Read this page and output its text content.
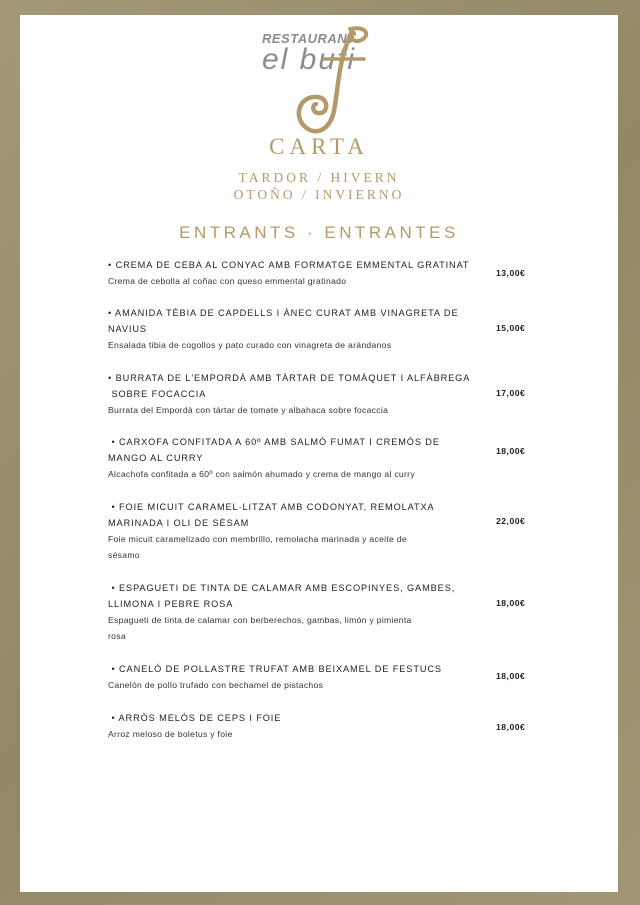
RESTAURANT
el bufi
CARTA
TARDOR / HIVERN
OTOÑO / INVIERNO
ENTRANTS · ENTRANTES
• CREMA DE CEBA AL CONYAC AMB FORMATGE EMMENTAL GRATINAT
Crema de cebolla al coñac con queso emmental gratinado
13,00€
• AMANIDA TÈBIA DE CAPDELLS I ÀNEC CURAT AMB VINAGRETA DE
NAVIUS
Ensalada tibia de cogollos y pato curado con vinagreta de arándanos
15,00€
• BURRATA DE L'EMPORDÀ AMB TÀRTAR DE TOMÀQUET I ALFÀBREGA
SOBRE FOCACCIA
Burrata del Empordà con tártar de tomate y albahaca sobre focaccia
17,00€
• CARXOFA CONFITADA A 60º AMB SALMÓ FUMAT I CREMÓS DE
MANGO AL CURRY
Alcachofa confitada a 60º con salmón ahumado y crema de mango al curry
18,00€
• FOIE MICUIT CARAMEL·LITZAT AMB CODONYAT, REMOLATXA
MARINADA I OLI DE SÈSAM
Foie micuit caramelizado con membrillo, remolacha marinada y aceite de
sésamo
22,00€
• ESPAGUETI DE TINTA DE CALAMAR AMB ESCOPINYES, GAMBES,
LLIMONA I PEBRE ROSA
Espagueti de tinta de calamar con berberechos, gambas, limón y pimienta
rosa
18,00€
• CANELÓ DE POLLASTRE TRUFAT AMB BEIXAMEL DE FESTUCS
Canelón de pollo trufado con bechamel de pistachos
18,00€
• ARRÒS MELÓS DE CEPS I FOIE
Arroz meloso de boletus y foie
18,00€
